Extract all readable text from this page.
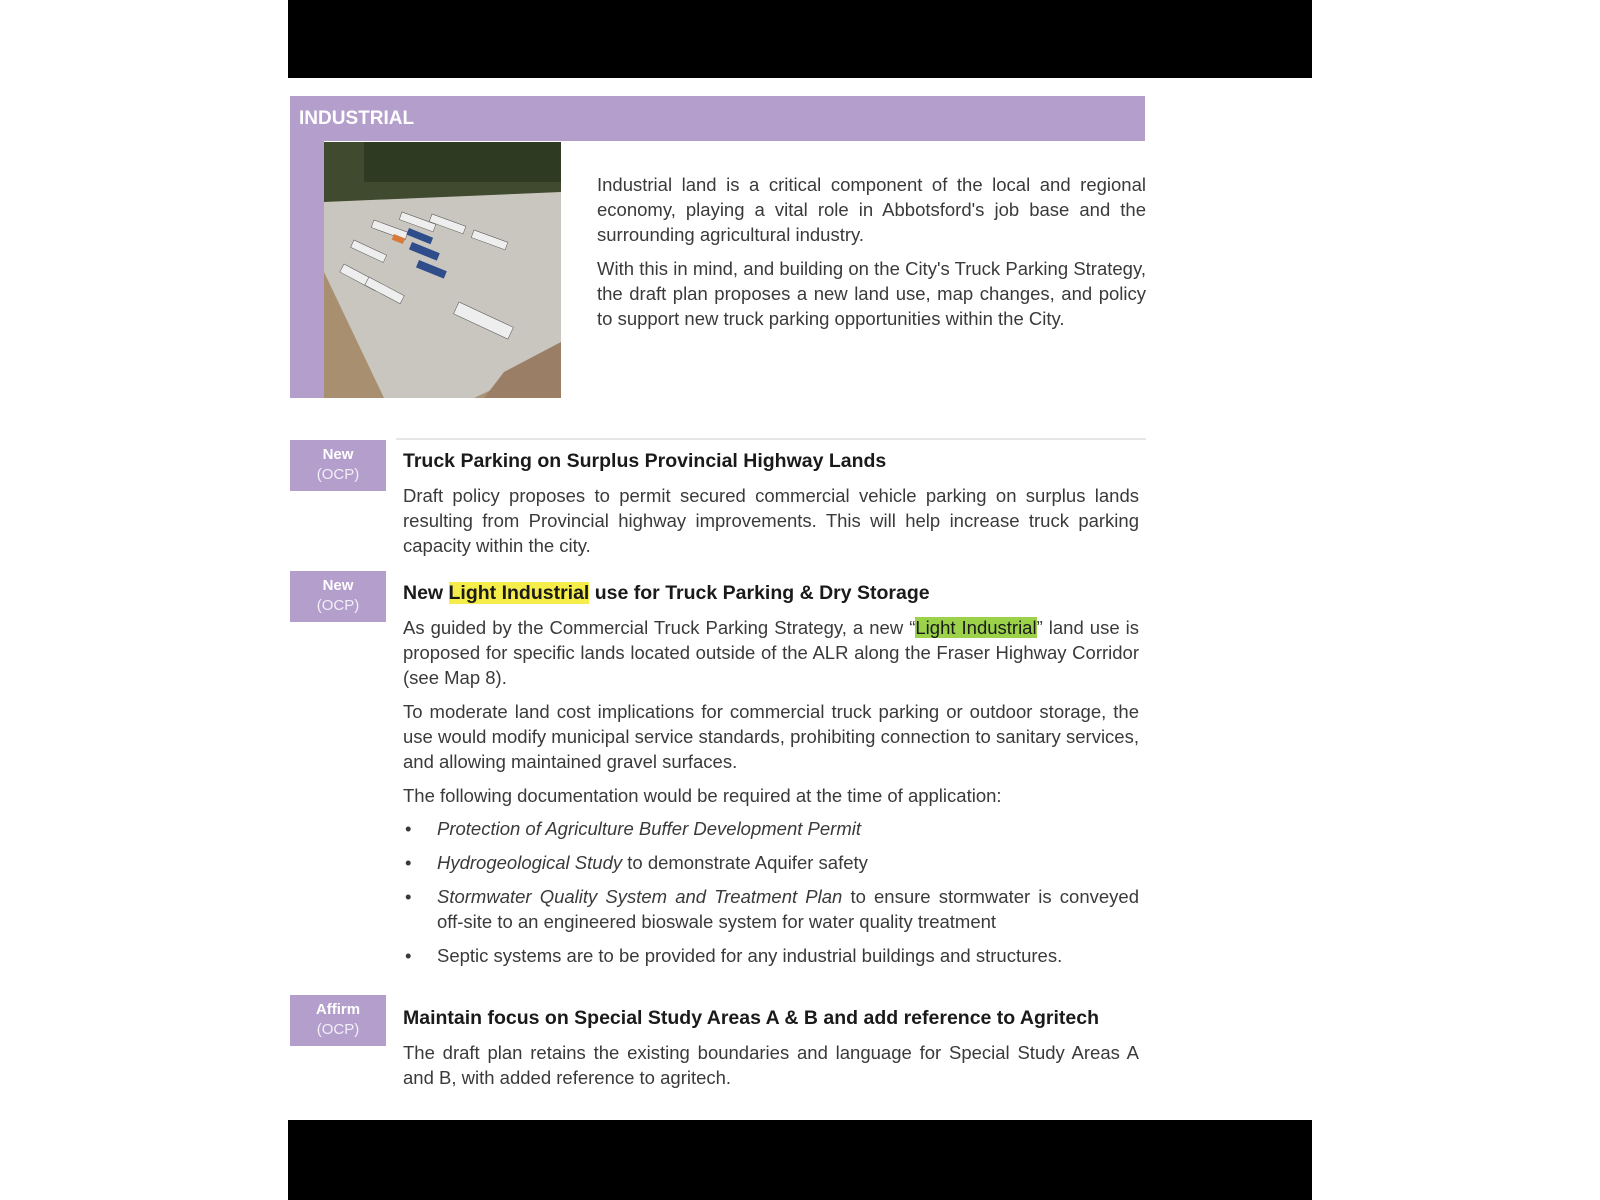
INDUSTRIAL

Industrial land is a critical component of the local and regional economy, playing a vital role in Abbotsford's job base and the surrounding agricultural industry.

With this in mind, and building on the City's Truck Parking Strategy, the draft plan proposes a new land use, map changes, and policy to support new truck parking opportunities within the City.

New
(OCP)
Truck Parking on Surplus Provincial Highway Lands

Draft policy proposes to permit secured commercial vehicle parking on surplus lands resulting from Provincial highway improvements. This will help increase truck parking capacity within the city.

New
(OCP)
New Light Industrial use for Truck Parking & Dry Storage

As guided by the Commercial Truck Parking Strategy, a new “Light Industrial” land use is proposed for specific lands located outside of the ALR along the Fraser Highway Corridor (see Map 8).

To moderate land cost implications for commercial truck parking or outdoor storage, the use would modify municipal service standards, prohibiting connection to sanitary services, and allowing maintained gravel surfaces.

The following documentation would be required at the time of application:

• Protection of Agriculture Buffer Development Permit
• Hydrogeological Study to demonstrate Aquifer safety
• Stormwater Quality System and Treatment Plan to ensure stormwater is conveyed off-site to an engineered bioswale system for water quality treatment
• Septic systems are to be provided for any industrial buildings and structures.
Affirm
(OCP)
Maintain focus on Special Study Areas A & B and add reference to Agritech

The draft plan retains the existing boundaries and language for Special Study Areas A and B, with added reference to agritech.
